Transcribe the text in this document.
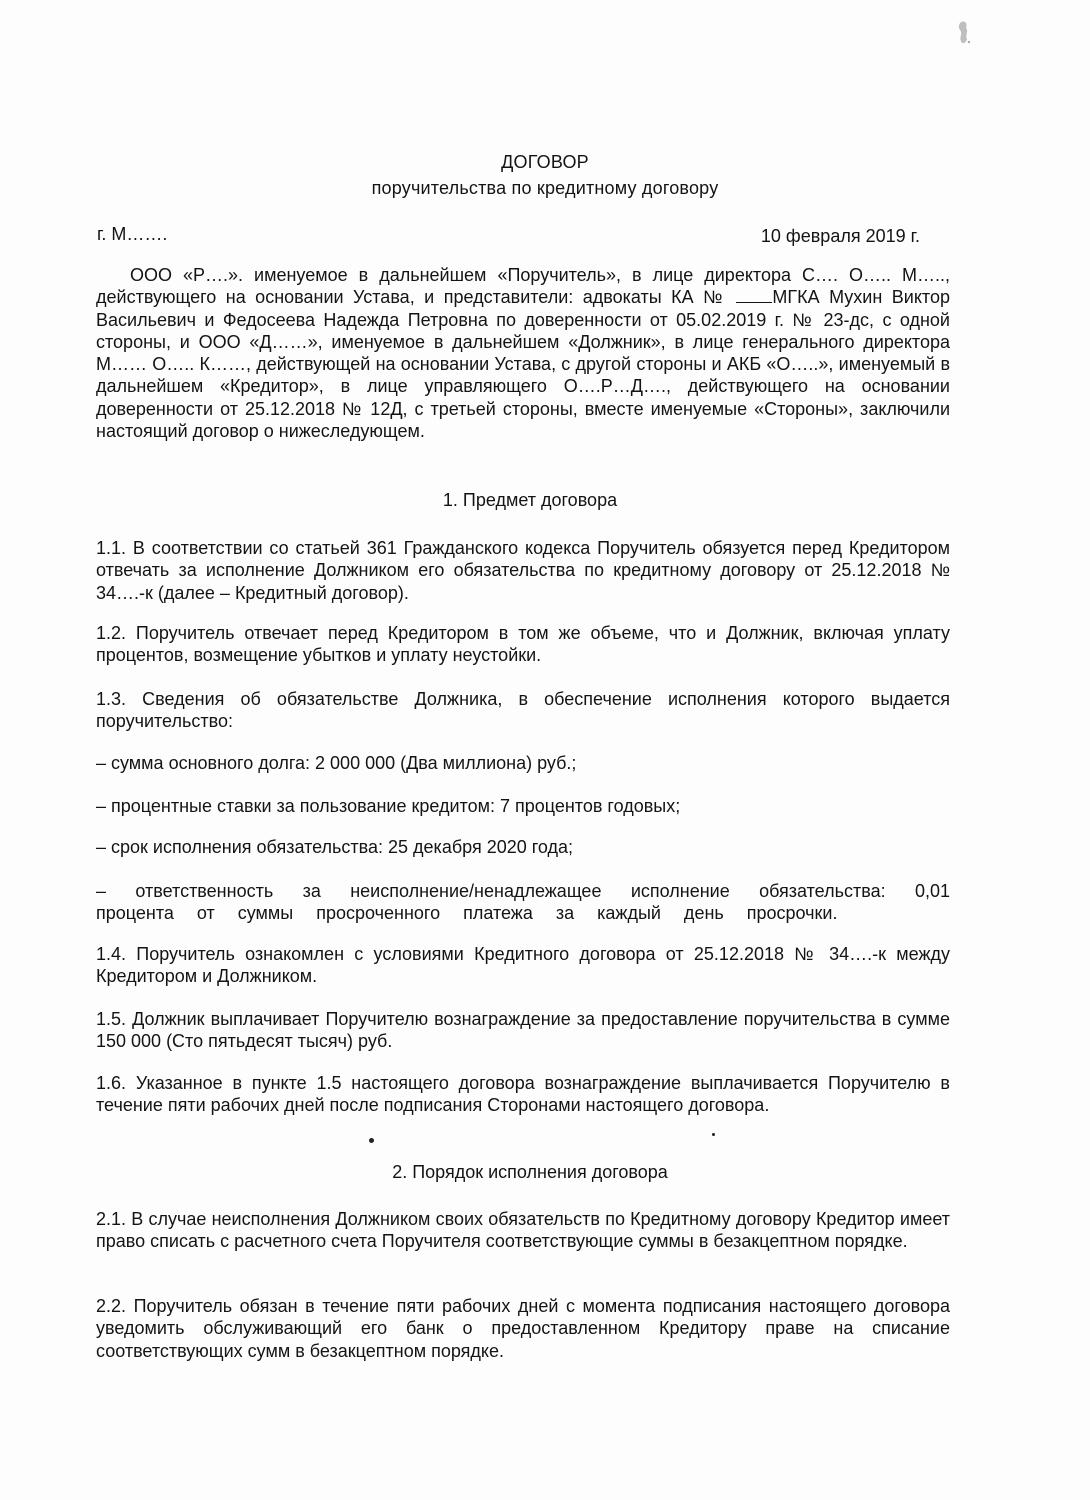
ДОГОВОР
поручительства по кредитному договору
г. М…….	10 февраля 2019 г.

ООО «Р….». именуемое в дальнейшем «Поручитель», в лице директора С…. О….. М….., действующего на основании Устава, и представители: адвокаты КА №	МГКА Мухин Виктор Васильевич и Федосеева Надежда Петровна по доверенности от 05.02.2019 г. № 23-дс, с одной стороны, и ООО «Д……», именуемое в дальнейшем «Должник», в лице генерального директора М…… О….. К……, действующей на основании Устава, с другой стороны и АКБ «О…..», именуемый в дальнейшем «Кредитор», в лице управляющего О….Р…Д…., действующего на основании доверенности от 25.12.2018 № 12Д, с третьей стороны, вместе именуемые «Стороны», заключили настоящий договор о нижеследующем.

1. Предмет договора

1.1. В соответствии со статьей 361 Гражданского кодекса Поручитель обязуется перед Кредитором отвечать за исполнение Должником его обязательства по кредитному договору от 25.12.2018 № 34….-к (далее – Кредитный договор).

1.2. Поручитель отвечает перед Кредитором в том же объеме, что и Должник, включая уплату процентов, возмещение убытков и уплату неустойки.

1.3. Сведения об обязательстве Должника, в обеспечение исполнения которого выдается поручительство:

– сумма основного долга: 2 000 000 (Два миллиона) руб.;

– процентные ставки за пользование кредитом: 7 процентов годовых;

– срок исполнения обязательства: 25 декабря 2020 года;

– ответственность за неисполнение/ненадлежащее исполнение обязательства: 0,01 процента от суммы просроченного платежа за каждый день просрочки.

1.4. Поручитель ознакомлен с условиями Кредитного договора от 25.12.2018 № 34….-к между Кредитором и Должником.

1.5. Должник выплачивает Поручителю вознаграждение за предоставление поручительства в сумме 150 000 (Сто пятьдесят тысяч) руб.

1.6. Указанное в пункте 1.5 настоящего договора вознаграждение выплачивается Поручителю в течение пяти рабочих дней после подписания Сторонами настоящего договора.

2. Порядок исполнения договора

2.1. В случае неисполнения Должником своих обязательств по Кредитному договору Кредитор имеет право списать с расчетного счета Поручителя соответствующие суммы в безакцептном порядке.

2.2. Поручитель обязан в течение пяти рабочих дней с момента подписания настоящего договора уведомить обслуживающий его банк о предоставленном Кредитору праве на списание соответствующих сумм в безакцептном порядке.
